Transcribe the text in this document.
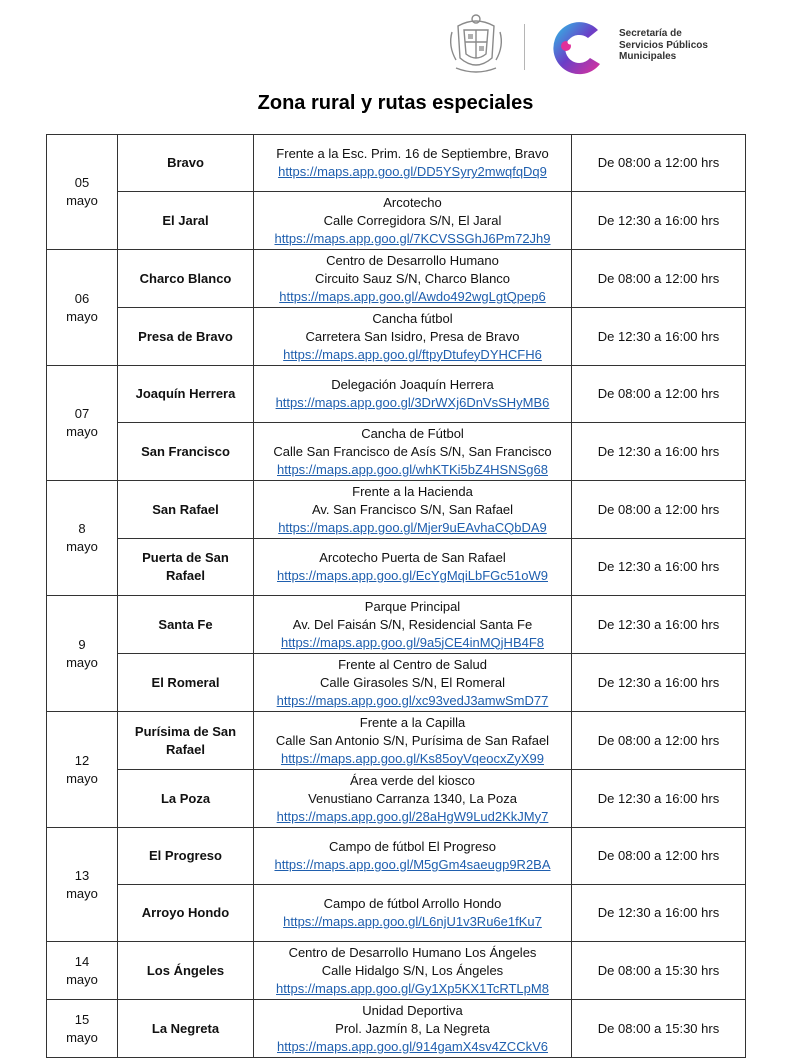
Secretaría de
Servicios Públicos
Municipales
Zona rural y rutas especiales
05
mayo	Bravo	Frente a la Esc. Prim. 16 de Septiembre, Bravo
https://maps.app.goo.gl/DD5YSyry2mwqfqDq9	De 08:00 a 12:00 hrs
	El Jaral	Arcotecho
Calle Corregidora S/N, El Jaral
https://maps.app.goo.gl/7KCVSSGhJ6Pm72Jh9	De 12:30 a 16:00 hrs

06
mayo	Charco Blanco	Centro de Desarrollo Humano
Circuito Sauz S/N, Charco Blanco
https://maps.app.goo.gl/Awdo492wgLgtQpep6	De 08:00 a 12:00 hrs
	Presa de Bravo	Cancha fútbol
Carretera San Isidro, Presa de Bravo
https://maps.app.goo.gl/ftpyDtufeyDYHCFH6	De 12:30 a 16:00 hrs

07
mayo	Joaquín Herrera	Delegación Joaquín Herrera
https://maps.app.goo.gl/3DrWXj6DnVsSHyMB6	De 08:00 a 12:00 hrs
	San Francisco	Cancha de Fútbol
Calle San Francisco de Asís S/N, San Francisco
https://maps.app.goo.gl/whKTKi5bZ4HSNSg68	De 12:30 a 16:00 hrs

8
mayo	San Rafael	Frente a la Hacienda
Av. San Francisco S/N, San Rafael
https://maps.app.goo.gl/Mjer9uEAvhaCQbDA9	De 08:00 a 12:00 hrs
	Puerta de San Rafael	Arcotecho Puerta de San Rafael
https://maps.app.goo.gl/EcYgMqiLbFGc51oW9	De 12:30 a 16:00 hrs

9
mayo	Santa Fe	Parque Principal
Av. Del Faisán S/N, Residencial Santa Fe
https://maps.app.goo.gl/9a5jCE4inMQjHB4F8	De 12:30 a 16:00 hrs
	El Romeral	Frente al Centro de Salud
Calle Girasoles S/N, El Romeral
https://maps.app.goo.gl/xc93vedJ3amwSmD77	De 12:30 a 16:00 hrs

12
mayo	Purísima de San Rafael	Frente a la Capilla
Calle San Antonio S/N, Purísima de San Rafael
https://maps.app.goo.gl/Ks85oyVqeocxZyX99	De 08:00 a 12:00 hrs
	La Poza	Área verde del kiosco
Venustiano Carranza 1340, La Poza
https://maps.app.goo.gl/28aHgW9Lud2KkJMy7	De 12:30 a 16:00 hrs

13
mayo	El Progreso	Campo de fútbol El Progreso
https://maps.app.goo.gl/M5gGm4saeugp9R2BA	De 08:00 a 12:00 hrs
	Arroyo Hondo	Campo de fútbol Arrollo Hondo
https://maps.app.goo.gl/L6njU1v3Ru6e1fKu7	De 12:30 a 16:00 hrs

14
mayo	Los Ángeles	Centro de Desarrollo Humano Los Ángeles
Calle Hidalgo S/N, Los Ángeles
https://maps.app.goo.gl/Gy1Xp5KX1TcRTLpM8	De 08:00 a 15:30 hrs

15
mayo	La Negreta	Unidad Deportiva
Prol. Jazmín 8, La Negreta
https://maps.app.goo.gl/914gamX4sv4ZCCkV6	De 08:00 a 15:30 hrs
